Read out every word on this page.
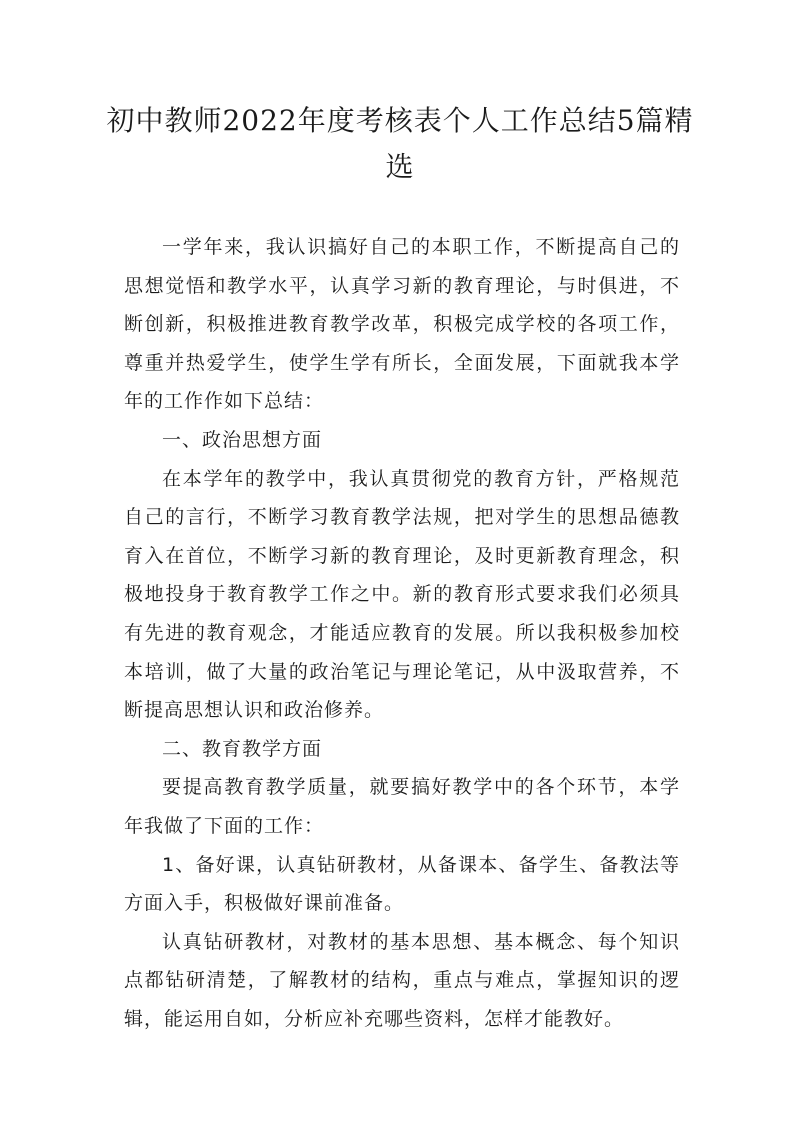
初中教师2022年度考核表个人工作总结5篇精选

一学年来，我认识搞好自己的本职工作，不断提高自己的思想觉悟和教学水平，认真学习新的教育理论，与时俱进，不断创新，积极推进教育教学改革，积极完成学校的各项工作，尊重并热爱学生，使学生学有所长，全面发展，下面就我本学年的工作作如下总结：

一、政治思想方面

在本学年的教学中，我认真贯彻党的教育方针，严格规范自己的言行，不断学习教育教学法规，把对学生的思想品德教育入在首位，不断学习新的教育理论，及时更新教育理念，积极地投身于教育教学工作之中。新的教育形式要求我们必须具有先进的教育观念，才能适应教育的发展。所以我积极参加校本培训，做了大量的政治笔记与理论笔记，从中汲取营养，不断提高思想认识和政治修养。

二、教育教学方面

要提高教育教学质量，就要搞好教学中的各个环节，本学年我做了下面的工作：

1、备好课，认真钻研教材，从备课本、备学生、备教法等方面入手，积极做好课前准备。

认真钻研教材，对教材的基本思想、基本概念、每个知识点都钻研清楚，了解教材的结构，重点与难点，掌握知识的逻辑，能运用自如，分析应补充哪些资料，怎样才能教好。
